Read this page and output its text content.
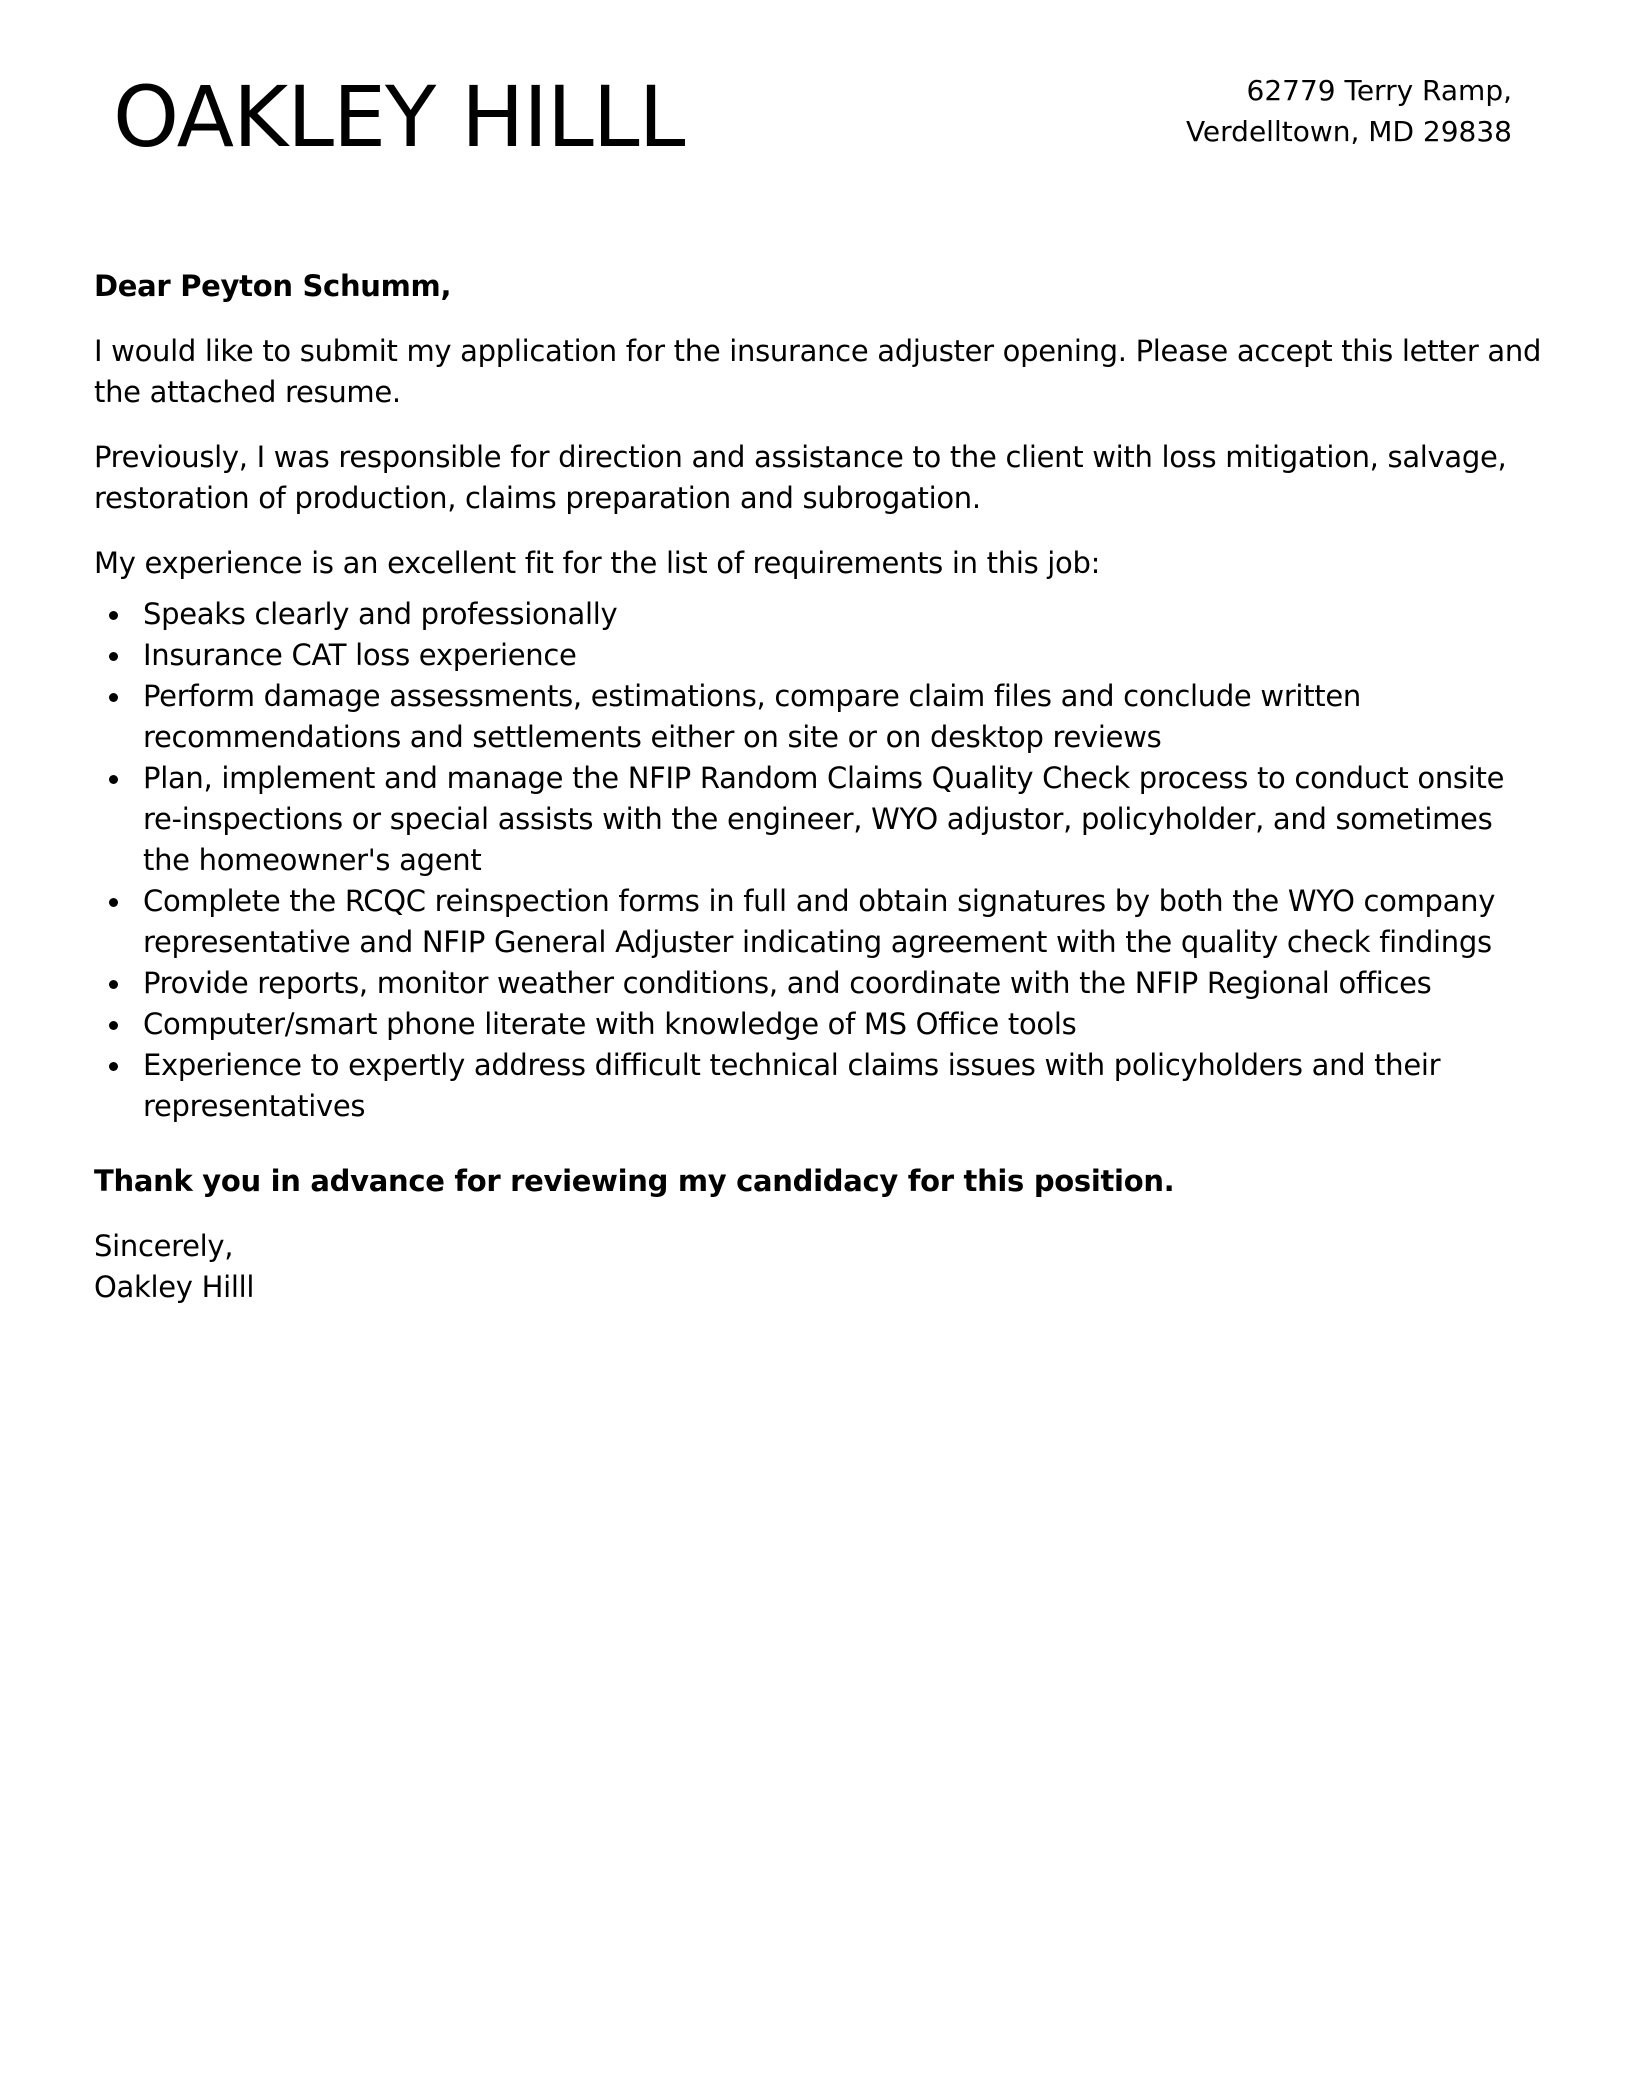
OAKLEY HILLL	62779 Terry Ramp,
Verdelltown, MD 29838

Dear Peyton Schumm,

I would like to submit my application for the insurance adjuster opening. Please accept this letter and the attached resume.

Previously, I was responsible for direction and assistance to the client with loss mitigation, salvage, restoration of production, claims preparation and subrogation.

My experience is an excellent fit for the list of requirements in this job:

Speaks clearly and professionally
Insurance CAT loss experience
Perform damage assessments, estimations, compare claim files and conclude written recommendations and settlements either on site or on desktop reviews
Plan, implement and manage the NFIP Random Claims Quality Check process to conduct onsite re-inspections or special assists with the engineer, WYO adjustor, policyholder, and sometimes the homeowner's agent
Complete the RCQC reinspection forms in full and obtain signatures by both the WYO company representative and NFIP General Adjuster indicating agreement with the quality check findings
Provide reports, monitor weather conditions, and coordinate with the NFIP Regional offices
Computer/smart phone literate with knowledge of MS Office tools
Experience to expertly address difficult technical claims issues with policyholders and their representatives

Thank you in advance for reviewing my candidacy for this position.

Sincerely,
Oakley Hilll
